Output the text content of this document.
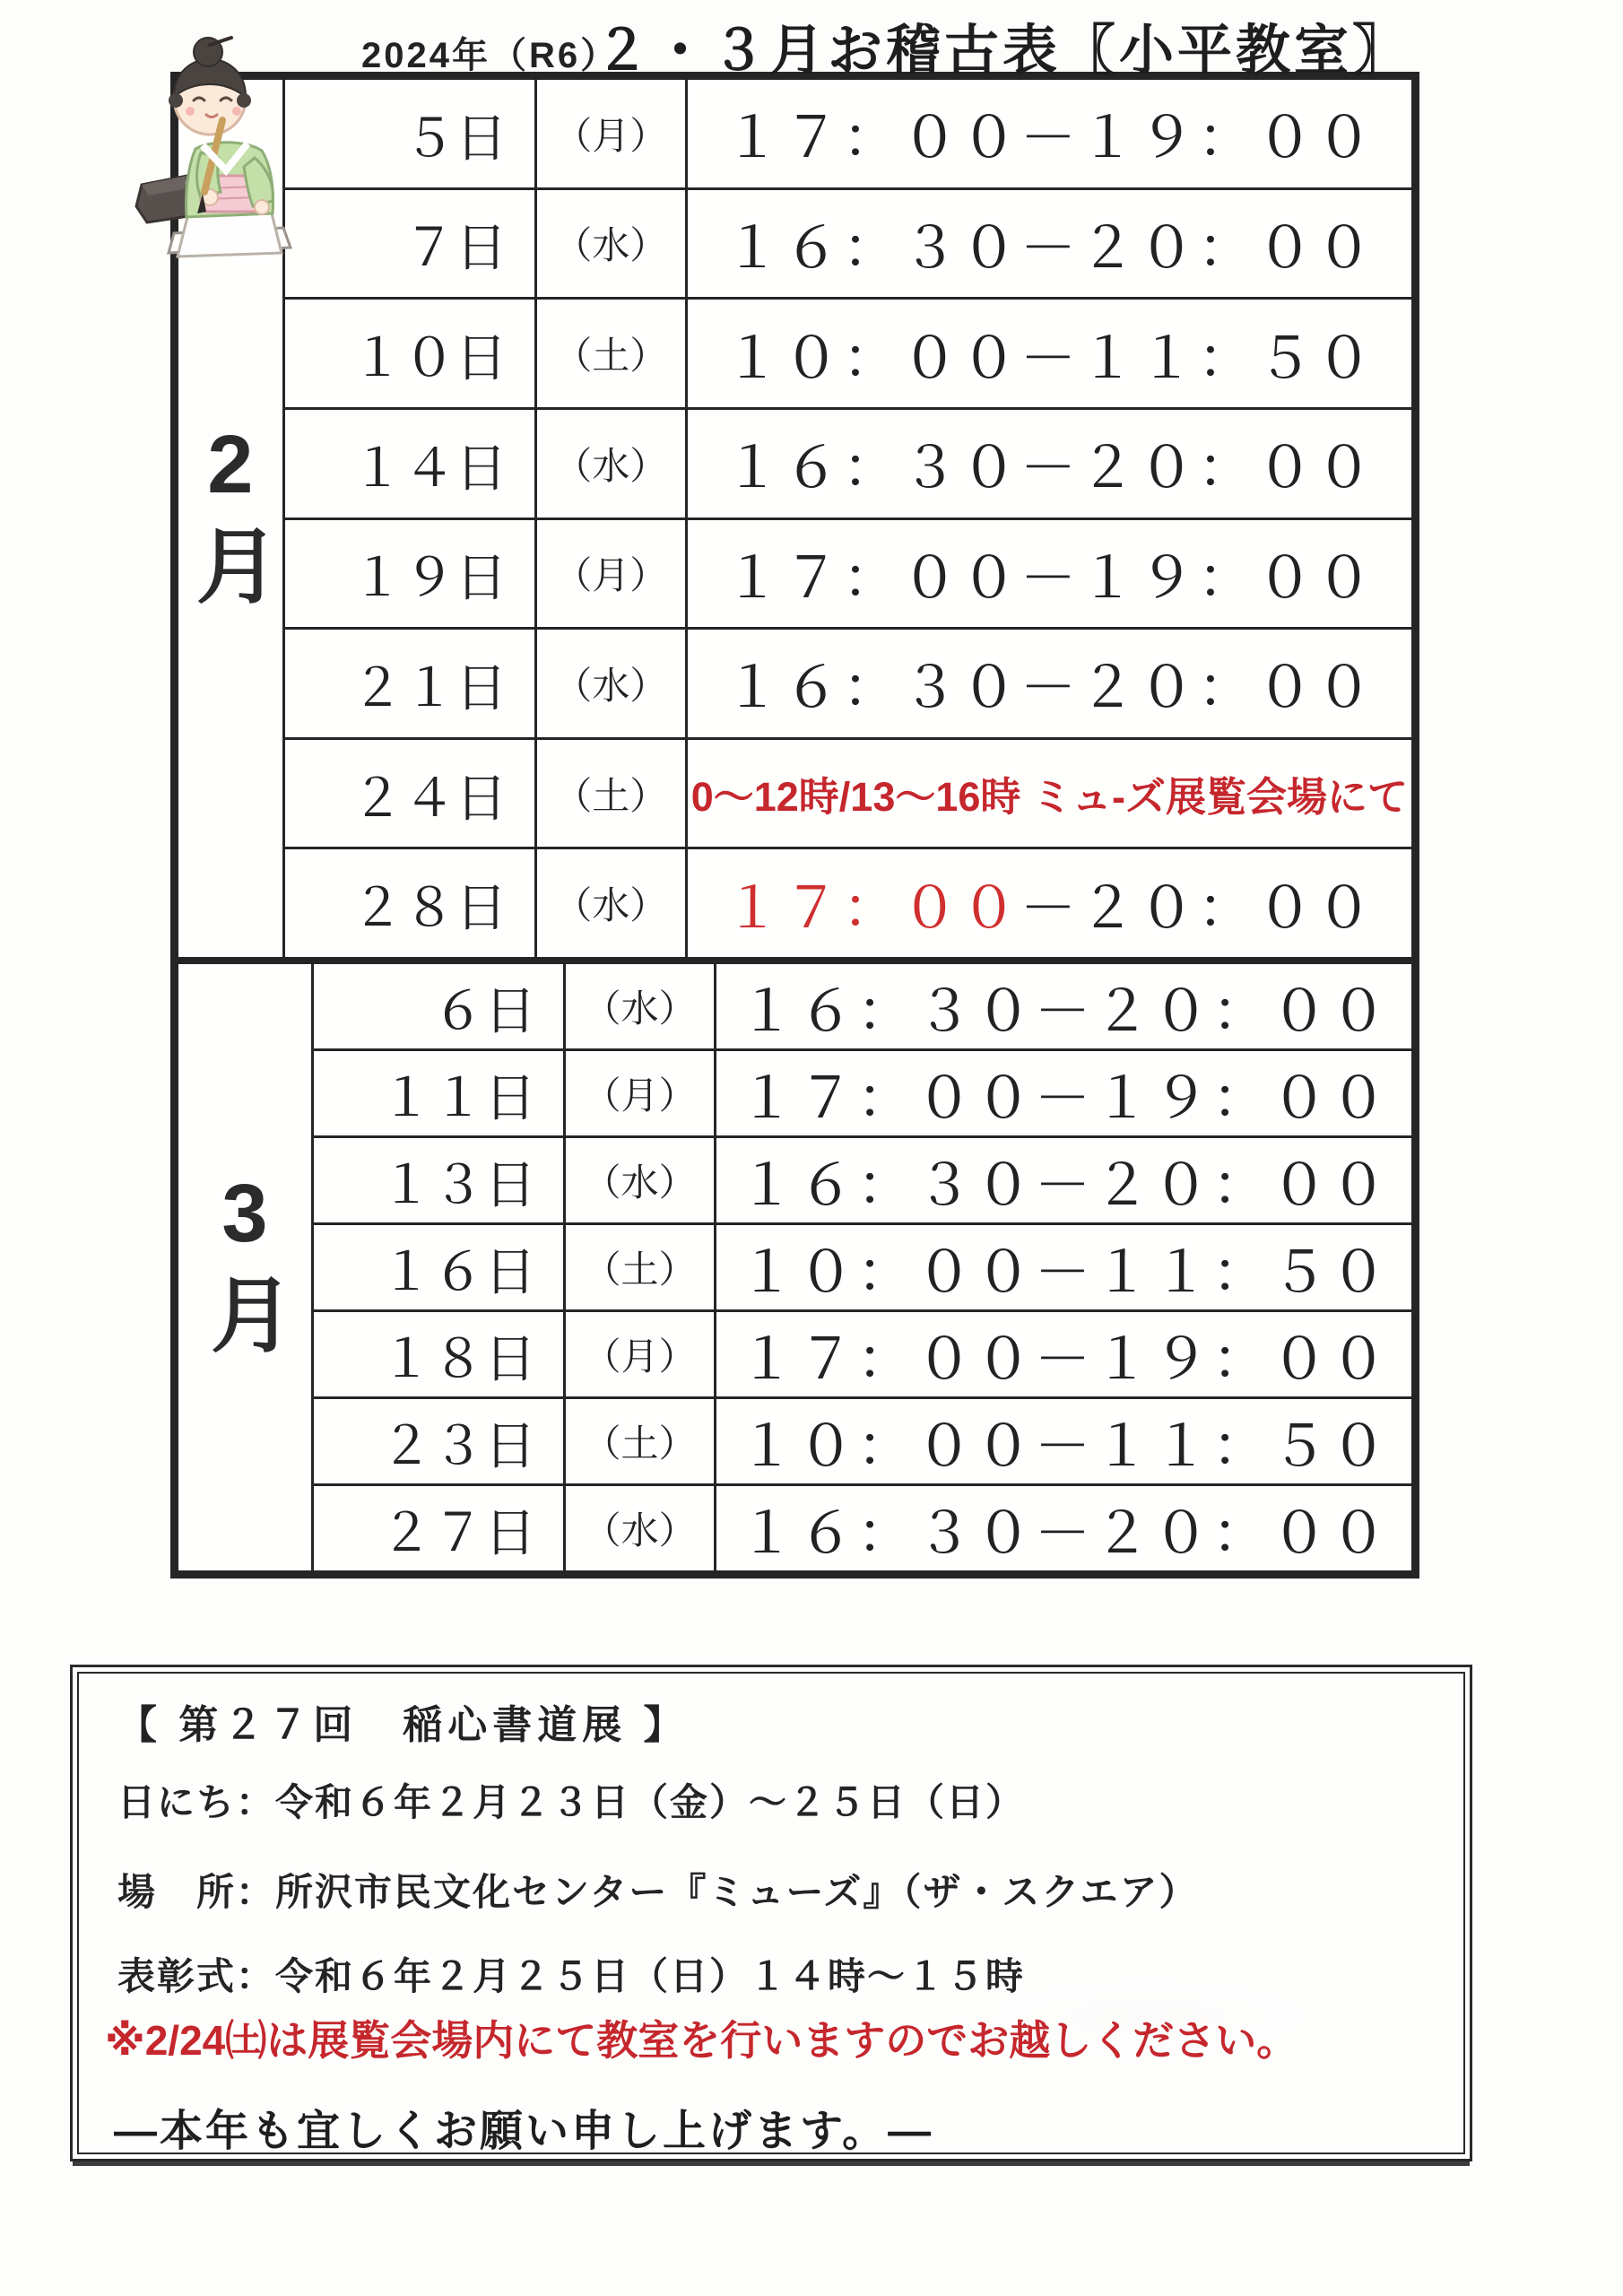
2024年（R6）
２・３月お稽古表〖小平教室〗
2月
５日	（月）	１７：００－１９：００
７日	（水）	１６：３０－２０：００
１０日	（土）	１０：００－１１：５０
１４日	（水）	１６：３０－２０：００
１９日	（月）	１７：００－１９：００
２１日	（水）	１６：３０－２０：００
２４日	（土） 0～12時/13～16時 ミュ-ズ展覧会場にて
２８日	（水）	１７：００ －２０：００
3月
６日	（水） １６：３０－２０：００
１１日	（月） １７：００－１９：００
１３日	（水） １６：３０－２０：００
１６日	（土） １０：００－１１：５０
１８日	（月） １７：００－１９：００
２３日	（土） １０：００－１１：５０
２７日	（水） １６：３０－２０：００
【 第２７回　稲心書道展 】
日にち：令和６年２月２３日（金）～２５日（日）
場　所：所沢市民文化センター『ミューズ』（ザ・スクエア）
表彰式：令和６年２月２５日（日）１４時～１５時
※2/24㈯は展覧会場内にて教室を行いますのでお越しください。
―本年も宜しくお願い申し上げます。―
